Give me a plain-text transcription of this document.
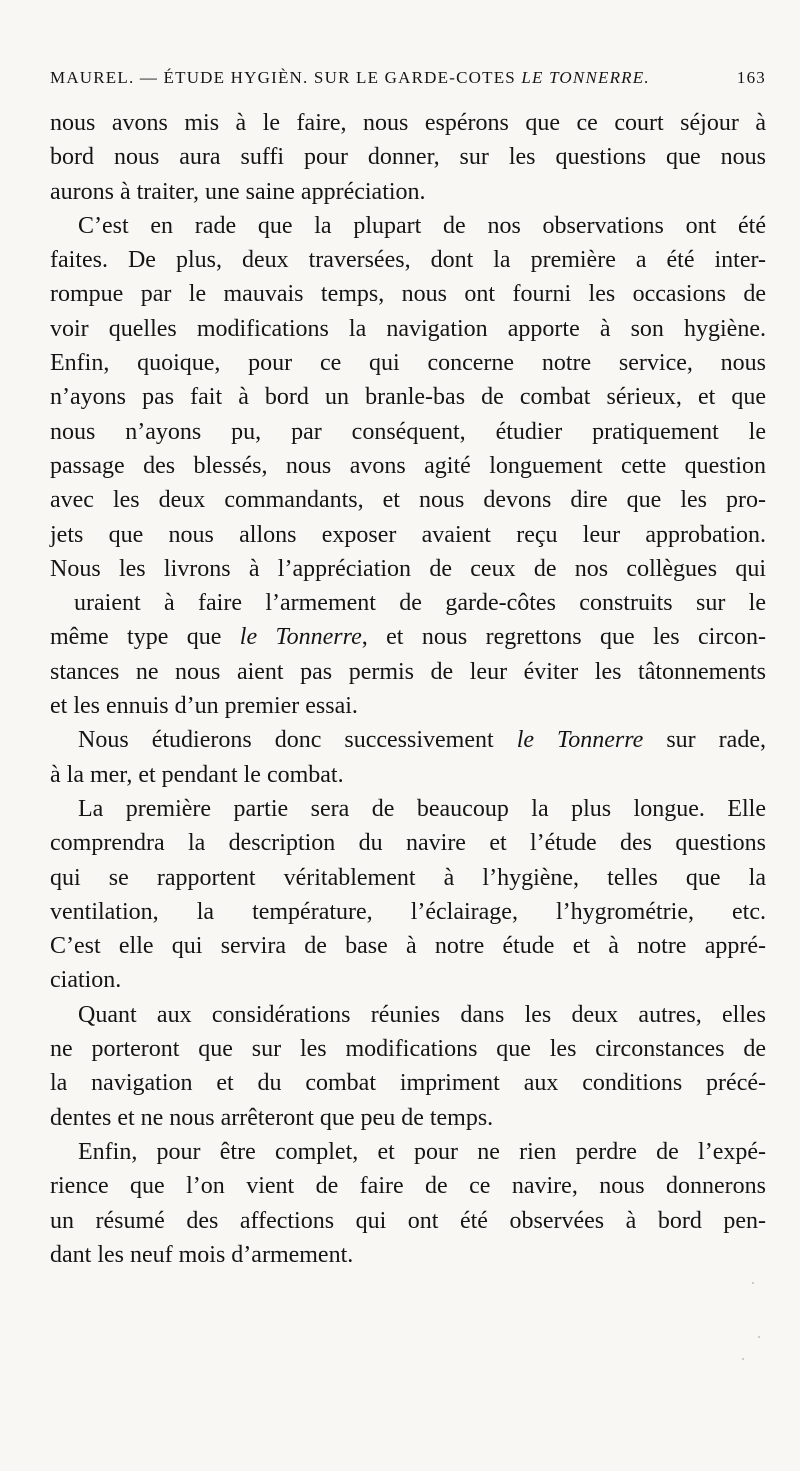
MAUREL. — ÉTUDE HYGIÈN. SUR LE GARDE-COTES LE TONNERRE.	163
nous avons mis à le faire, nous espérons que ce court séjour à
bord nous aura suffi pour donner, sur les questions que nous
aurons à traiter, une saine appréciation.
C’est en rade que la plupart de nos observations ont été
faites. De plus, deux traversées, dont la première a été inter-
rompue par le mauvais temps, nous ont fourni les occasions de
voir quelles modifications la navigation apporte à son hygiène.
Enfin, quoique, pour ce qui concerne notre service, nous
n’ayons pas fait à bord un branle-bas de combat sérieux, et que
nous n’ayons pu, par conséquent, étudier pratiquement le
passage des blessés, nous avons agité longuement cette question
avec les deux commandants, et nous devons dire que les pro-
jets que nous allons exposer avaient reçu leur approbation.
Nous les livrons à l’appréciation de ceux de nos collègues qui
uraient à faire l’armement de garde-côtes construits sur le
même type que le Tonnerre, et nous regrettons que les circon-
stances ne nous aient pas permis de leur éviter les tâtonnements
et les ennuis d’un premier essai.
Nous étudierons donc successivement le Tonnerre sur rade,
à la mer, et pendant le combat.
La première partie sera de beaucoup la plus longue. Elle
comprendra la description du navire et l’étude des questions
qui se rapportent véritablement à l’hygiène, telles que la
ventilation, la température, l’éclairage, l’hygrométrie, etc.
C’est elle qui servira de base à notre étude et à notre appré-
ciation.
Quant aux considérations réunies dans les deux autres, elles
ne porteront que sur les modifications que les circonstances de
la navigation et du combat impriment aux conditions précé-
dentes et ne nous arrêteront que peu de temps.
Enfin, pour être complet, et pour ne rien perdre de l’expé-
rience que l’on vient de faire de ce navire, nous donnerons
un résumé des affections qui ont été observées à bord pen-
dant les neuf mois d’armement.
